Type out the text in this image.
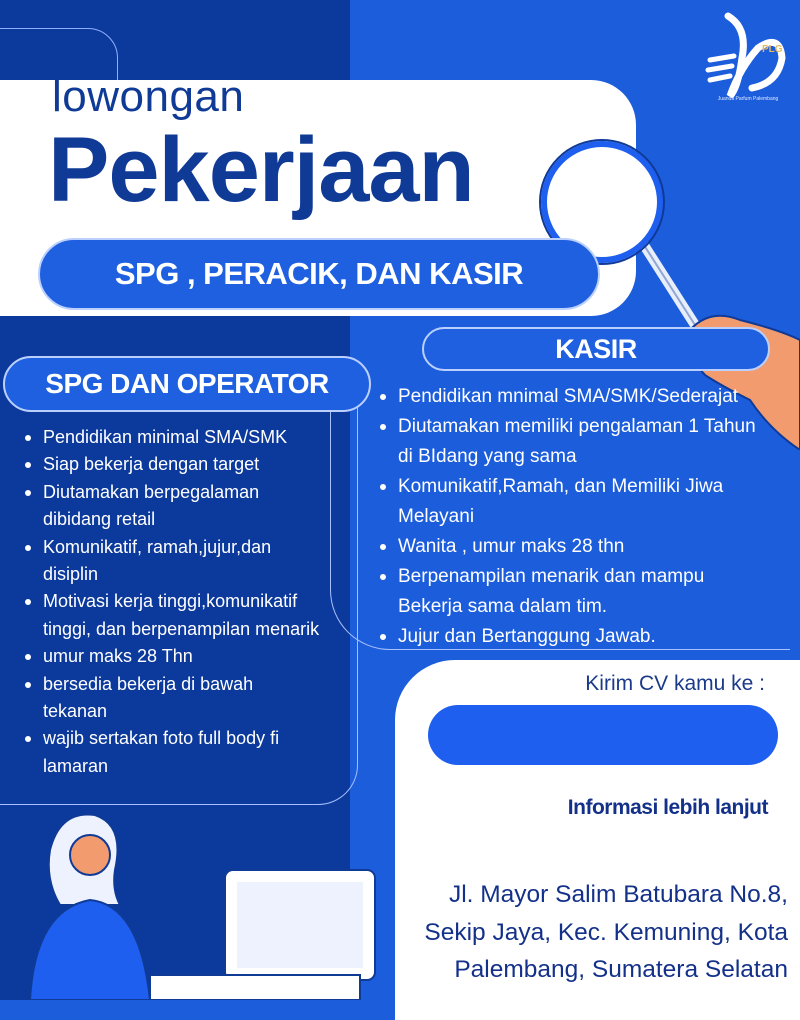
PLG
Juanda Parfum Palembang
lowongan
Pekerjaan
SPG , PERACIK, DAN KASIR
KASIR
SPG DAN OPERATOR
Pendidikan minimal SMA/SMK
Siap bekerja dengan target
Diutamakan berpegalaman dibidang retail
Komunikatif, ramah,jujur,dan disiplin
Motivasi kerja tinggi,komunikatif tinggi, dan berpenampilan menarik
umur maks 28 Thn
bersedia bekerja di bawah tekanan
wajib sertakan foto full body fi lamaran
Pendidikan mnimal SMA/SMK/Sederajat
Diutamakan memiliki pengalaman 1 Tahun di BIdang yang sama
Komunikatif,Ramah, dan Memiliki Jiwa Melayani
Wanita , umur maks 28 thn
Berpenampilan menarik dan mampu Bekerja sama dalam tim.
Jujur dan Bertanggung Jawab.
Kirim CV kamu ke :
Informasi lebih lanjut
Jl. Mayor Salim Batubara No.8,
Sekip Jaya, Kec. Kemuning, Kota
Palembang, Sumatera Selatan
